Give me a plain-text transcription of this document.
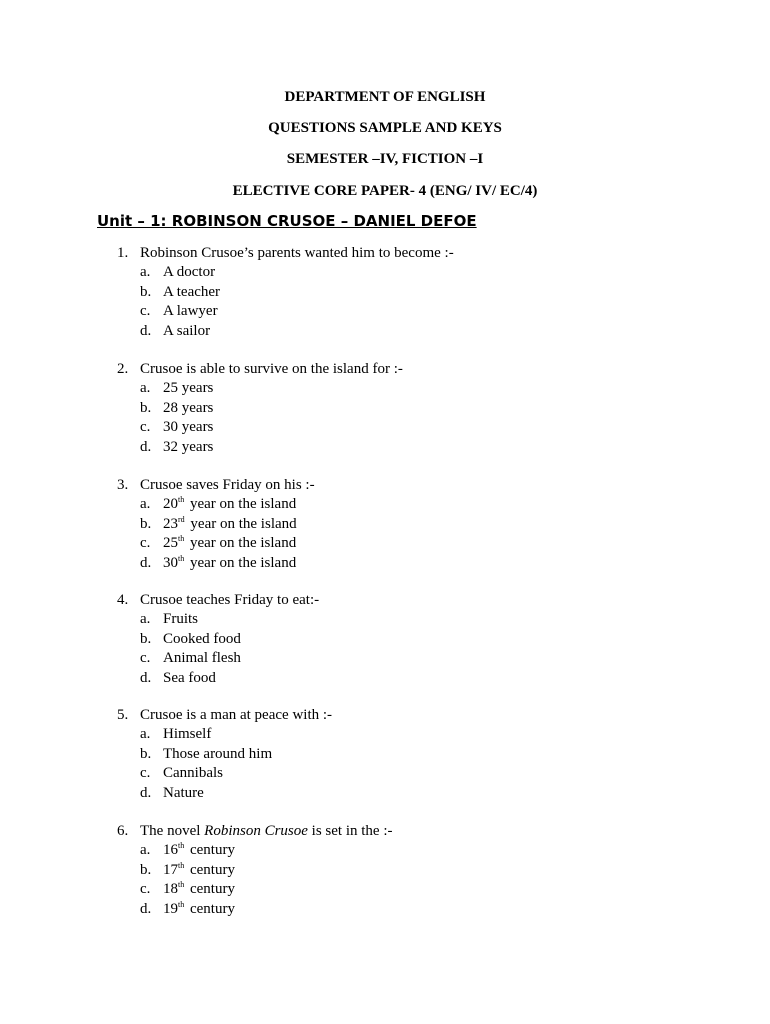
DEPARTMENT OF ENGLISH
QUESTIONS SAMPLE AND KEYS
SEMESTER –IV, FICTION –I
ELECTIVE CORE PAPER- 4 (ENG/ IV/ EC/4)
Unit – 1: ROBINSON CRUSOE – DANIEL DEFOE
1. Robinson Crusoe’s parents wanted him to become :-
a. A doctor
b. A teacher
c. A lawyer
d. A sailor
2. Crusoe is able to survive on the island for :-
a. 25 years
b. 28 years
c. 30 years
d. 32 years
3. Crusoe saves Friday on his :-
a. 20th year on the island
b. 23rd year on the island
c. 25th year on the island
d. 30th year on the island
4. Crusoe teaches Friday to eat:-
a. Fruits
b. Cooked food
c. Animal flesh
d. Sea food
5. Crusoe is a man at peace with :-
a. Himself
b. Those around him
c. Cannibals
d. Nature
6. The novel Robinson Crusoe is set in the :-
a. 16th century
b. 17th century
c. 18th century
d. 19th century
